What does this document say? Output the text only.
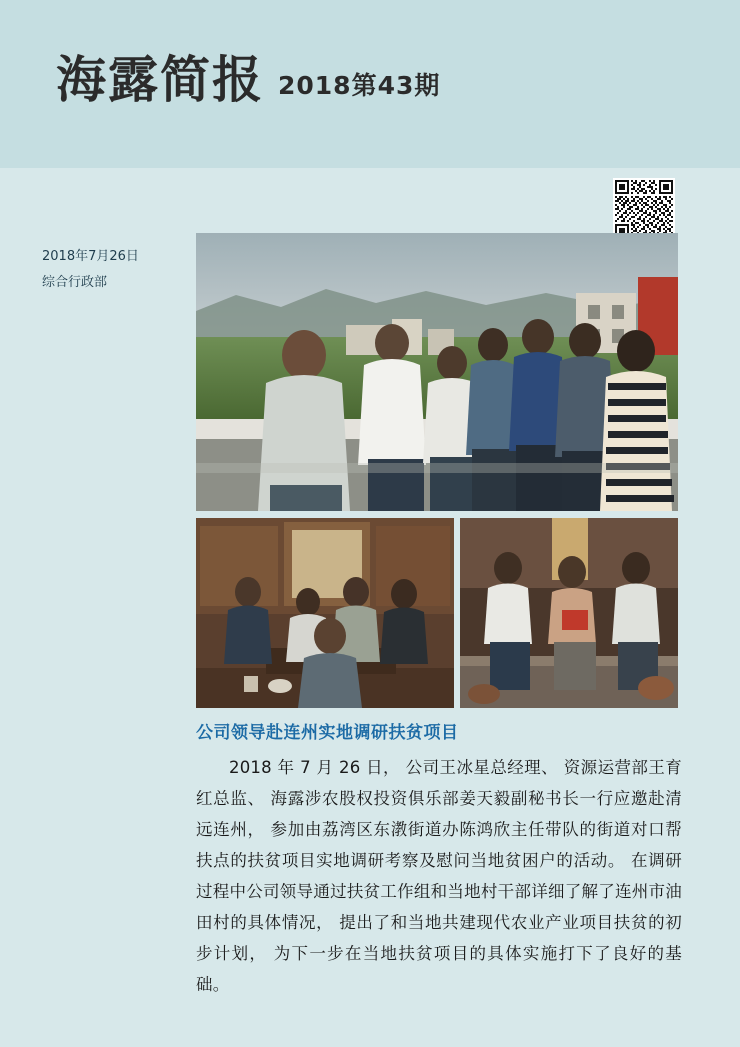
海露简报 2018第43期
2018年7月26日
综合行政部
公司领导赴连州实地调研扶贫项目
2018 年 7 月 26 日， 公司王冰星总经理、 资源运营部王育红总监、 海露涉农股权投资俱乐部姜天毅副秘书长一行应邀赴清远连州， 参加由荔湾区东漖街道办陈鸿欣主任带队的街道对口帮扶点的扶贫项目实地调研考察及慰问当地贫困户的活动。 在调研过程中公司领导通过扶贫工作组和当地村干部详细了解了连州市油田村的具体情况， 提出了和当地共建现代农业产业项目扶贫的初步计划， 为下一步在当地扶贫项目的具体实施打下了良好的基础。
